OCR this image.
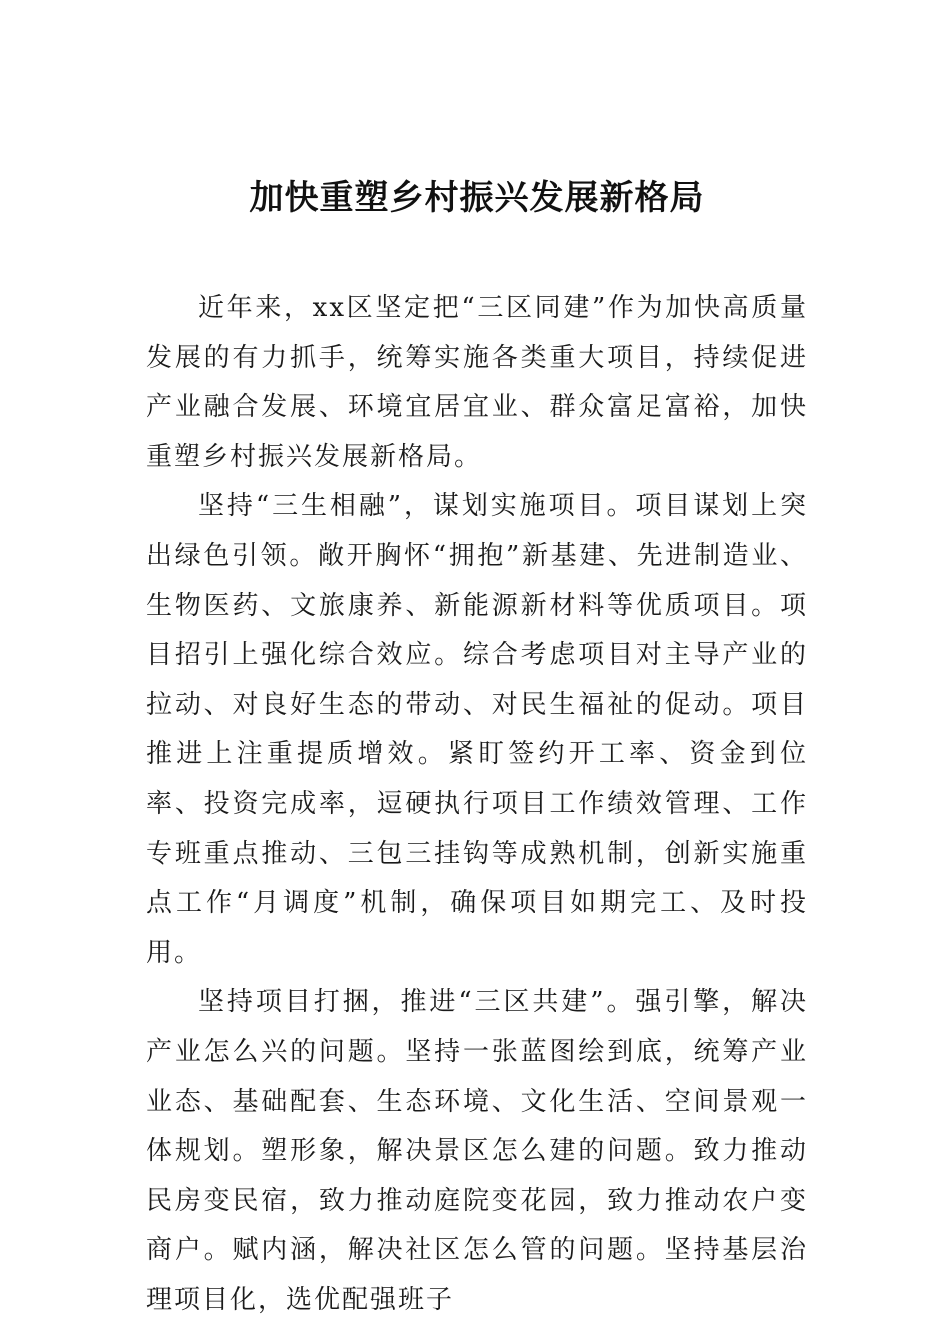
加快重塑乡村振兴发展新格局

近年来，xx区坚定把“三区同建”作为加快高质量发展的有力抓手，统筹实施各类重大项目，持续促进产业融合发展、环境宜居宜业、群众富足富裕，加快重塑乡村振兴发展新格局。

坚持“三生相融”，谋划实施项目。项目谋划上突出绿色引领。敞开胸怀“拥抱”新基建、先进制造业、生物医药、文旅康养、新能源新材料等优质项目。项目招引上强化综合效应。综合考虑项目对主导产业的拉动、对良好生态的带动、对民生福祉的促动。项目推进上注重提质增效。紧盯签约开工率、资金到位率、投资完成率，逗硬执行项目工作绩效管理、工作专班重点推动、三包三挂钩等成熟机制，创新实施重点工作“月调度”机制，确保项目如期完工、及时投用。

坚持项目打捆，推进“三区共建”。强引擎，解决产业怎么兴的问题。坚持一张蓝图绘到底，统筹产业业态、基础配套、生态环境、文化生活、空间景观一体规划。塑形象，解决景区怎么建的问题。致力推动民房变民宿，致力推动庭院变花园，致力推动农户变商户。赋内涵，解决社区怎么管的问题。坚持基层治理项目化，选优配强班子
